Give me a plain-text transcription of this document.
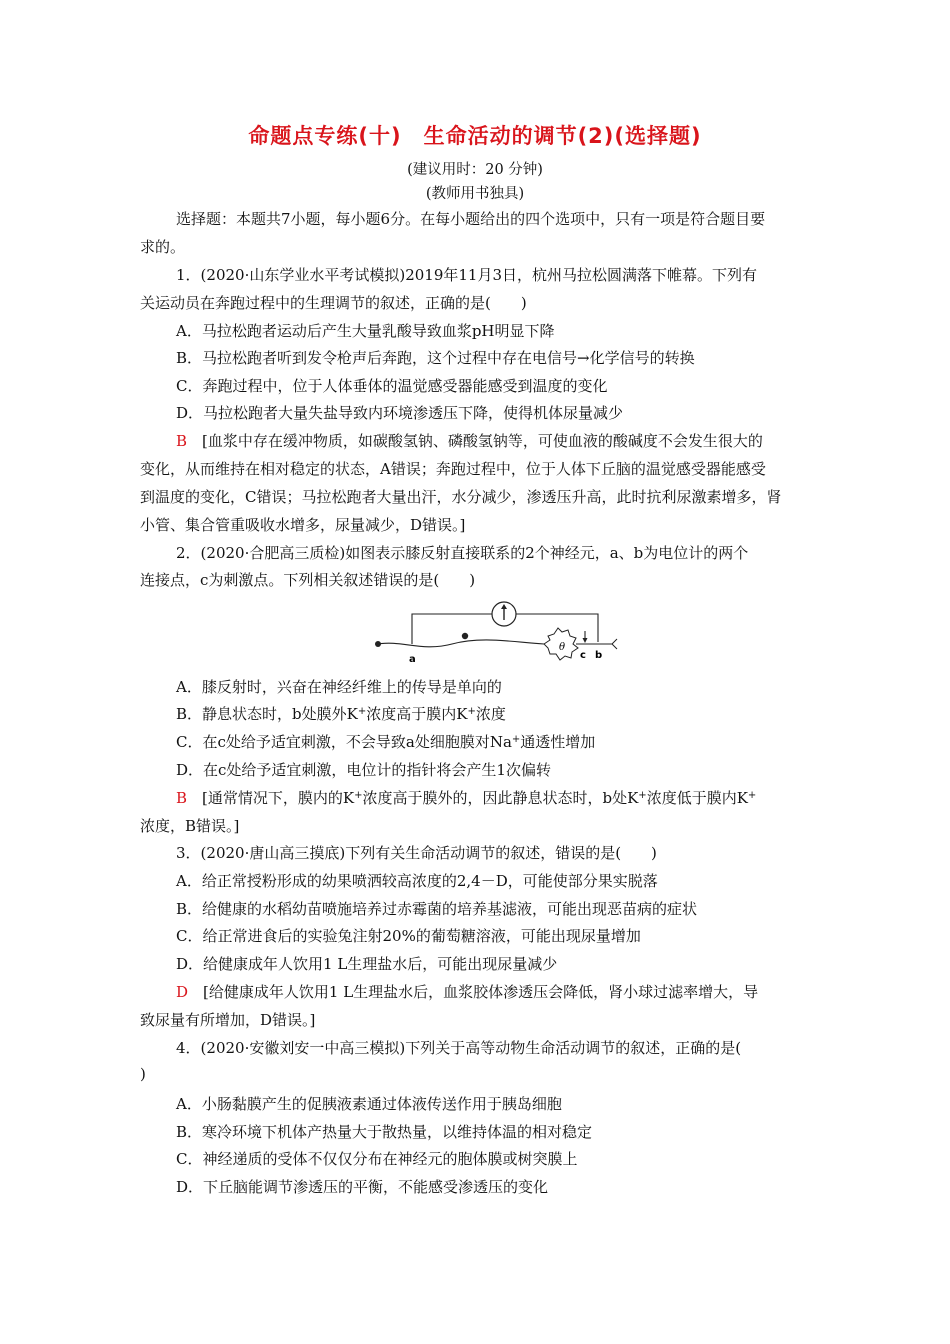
命题点专练(十)　生命活动的调节(2)(选择题)
(建议用时：20 分钟)
(教师用书独具)
选择题：本题共7小题，每小题6分。在每小题给出的四个选项中，只有一项是符合题目要
求的。
1．(2020·山东学业水平考试模拟)2019年11月3日，杭州马拉松圆满落下帷幕。下列有
关运动员在奔跑过程中的生理调节的叙述，正确的是(　　)
A．马拉松跑者运动后产生大量乳酸导致血浆pH明显下降
B．马拉松跑者听到发令枪声后奔跑，这个过程中存在电信号→化学信号的转换
C．奔跑过程中，位于人体垂体的温觉感受器能感受到温度的变化
D．马拉松跑者大量失盐导致内环境渗透压下降，使得机体尿量减少
B　[血浆中存在缓冲物质，如碳酸氢钠、磷酸氢钠等，可使血液的酸碱度不会发生很大的
变化，从而维持在相对稳定的状态，A错误；奔跑过程中，位于人体下丘脑的温觉感受器能感受
到温度的变化，C错误；马拉松跑者大量出汗，水分减少，渗透压升高，此时抗利尿激素增多，肾
小管、集合管重吸收水增多，尿量减少，D错误。]
2．(2020·合肥高三质检)如图表示膝反射直接联系的2个神经元，a、b为电位计的两个
连接点，c为刺激点。下列相关叙述错误的是(　　)
θ
a	c b
A．膝反射时，兴奋在神经纤维上的传导是单向的
B．静息状态时，b处膜外K+浓度高于膜内K+浓度
C．在c处给予适宜刺激，不会导致a处细胞膜对Na+通透性增加
D．在c处给予适宜刺激，电位计的指针将会产生1次偏转
B　[通常情况下，膜内的K+浓度高于膜外的，因此静息状态时，b处K+浓度低于膜内K+
浓度，B错误。]
3．(2020·唐山高三摸底)下列有关生命活动调节的叙述，错误的是(　　)
A．给正常授粉形成的幼果喷洒较高浓度的2,4－D，可能使部分果实脱落
B．给健康的水稻幼苗喷施培养过赤霉菌的培养基滤液，可能出现恶苗病的症状
C．给正常进食后的实验兔注射20%的葡萄糖溶液，可能出现尿量增加
D．给健康成年人饮用1 L生理盐水后，可能出现尿量减少
D　[给健康成年人饮用1 L生理盐水后，血浆胶体渗透压会降低，肾小球过滤率增大，导
致尿量有所增加，D错误。]
4．(2020·安徽刘安一中高三模拟)下列关于高等动物生命活动调节的叙述，正确的是(
)
A．小肠黏膜产生的促胰液素通过体液传送作用于胰岛细胞
B．寒冷环境下机体产热量大于散热量，以维持体温的相对稳定
C．神经递质的受体不仅仅分布在神经元的胞体膜或树突膜上
D．下丘脑能调节渗透压的平衡，不能感受渗透压的变化
